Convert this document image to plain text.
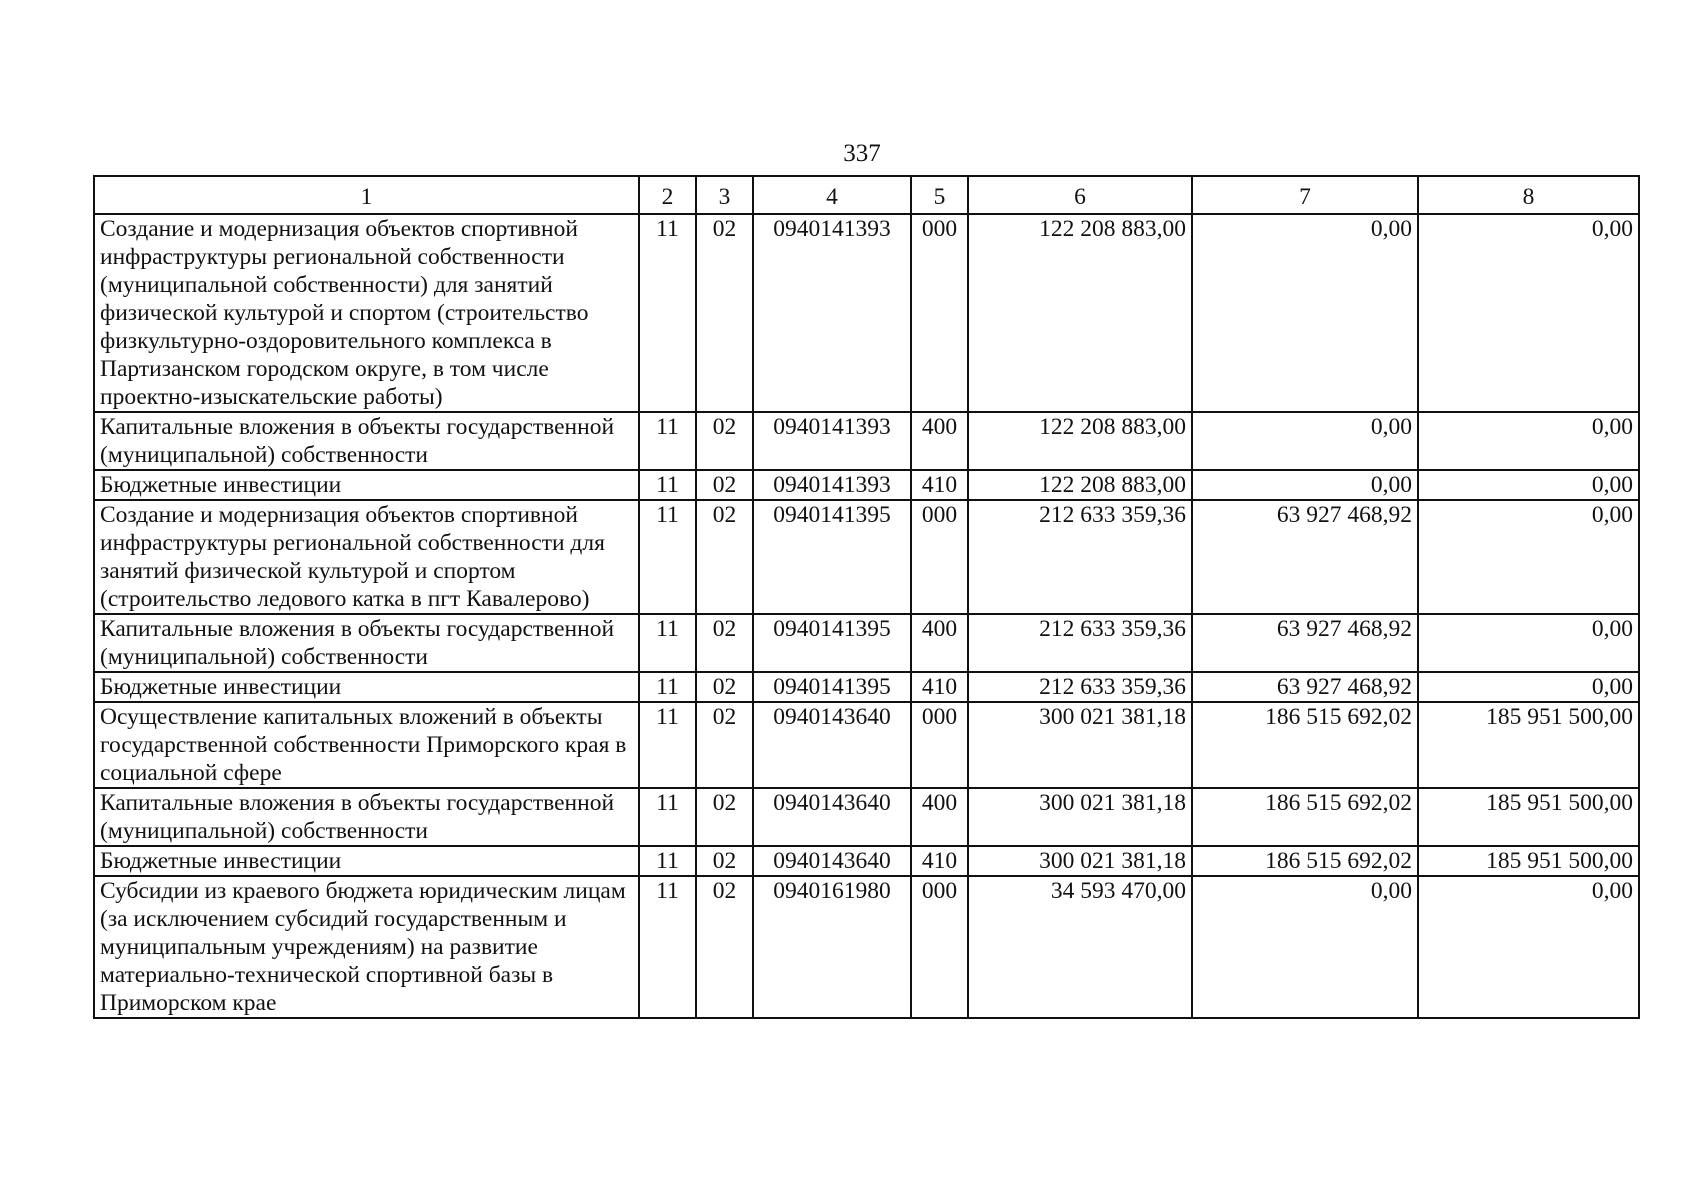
337
1	2	3	4	5	6	7	8
Создание и модернизация объектов спортивной инфраструктуры региональной собственности (муниципальной собственности) для занятий физической культурой и спортом (строительство физкультурно-оздоровительного комплекса в Партизанском городском округе, в том числе проектно-изыскательские работы)	11	02	0940141393	000	122 208 883,00	0,00	0,00
Капитальные вложения в объекты государственной (муниципальной) собственности	11	02	0940141393	400	122 208 883,00	0,00	0,00
Бюджетные инвестиции	11	02	0940141393	410	122 208 883,00	0,00	0,00
Создание и модернизация объектов спортивной инфраструктуры региональной собственности для занятий физической культурой и спортом (строительство ледового катка в пгт Кавалерово)	11	02	0940141395	000	212 633 359,36	63 927 468,92	0,00
Капитальные вложения в объекты государственной (муниципальной) собственности	11	02	0940141395	400	212 633 359,36	63 927 468,92	0,00
Бюджетные инвестиции	11	02	0940141395	410	212 633 359,36	63 927 468,92	0,00
Осуществление капитальных вложений в объекты государственной собственности Приморского края в социальной сфере	11	02	0940143640	000	300 021 381,18	186 515 692,02	185 951 500,00
Капитальные вложения в объекты государственной (муниципальной) собственности	11	02	0940143640	400	300 021 381,18	186 515 692,02	185 951 500,00
Бюджетные инвестиции	11	02	0940143640	410	300 021 381,18	186 515 692,02	185 951 500,00
Субсидии из краевого бюджета юридическим лицам (за исключением субсидий государственным и муниципальным учреждениям) на развитие материально-технической спортивной базы в Приморском крае	11	02	0940161980	000	34 593 470,00	0,00	0,00
